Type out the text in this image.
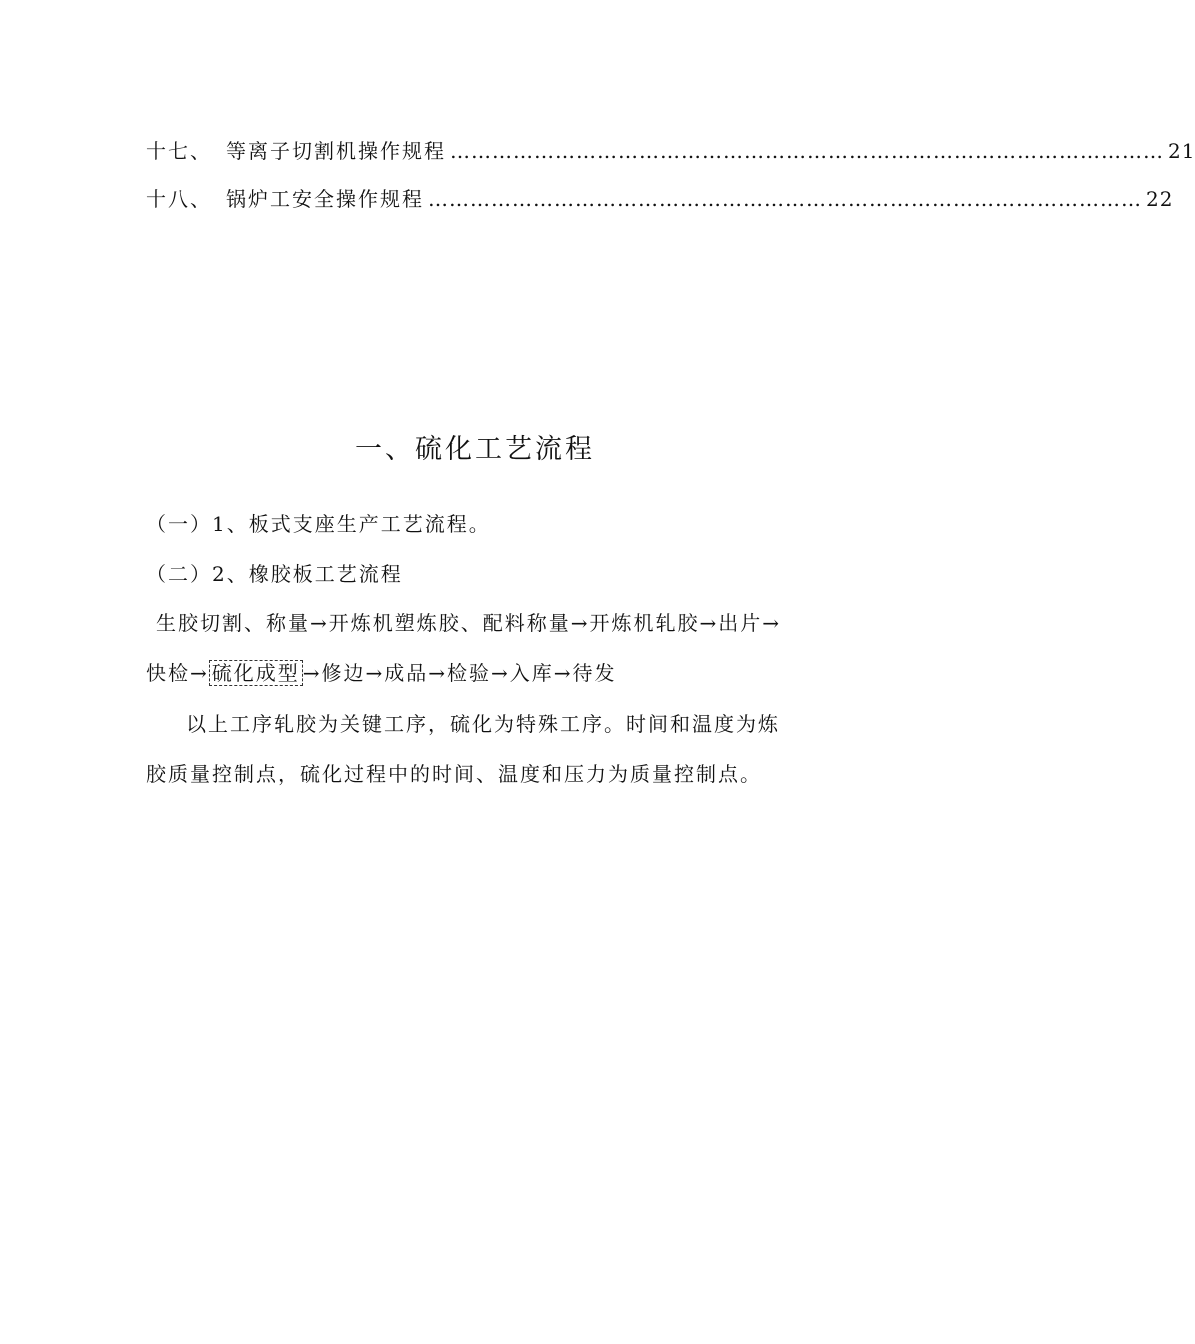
十七、 等离子切割机操作规程 ………………………………………………………………………………………… 21
十八、 锅炉工安全操作规程 ………………………………………………………………………………………… 22
一、硫化工艺流程
（一）1、板式支座生产工艺流程。
（二）2、橡胶板工艺流程
生胶切割、称量→开炼机塑炼胶、配料称量→开炼机轧胶→出片→
快检→ 硫化成型 →修边→成品→检验→入库→待发
以上工序轧胶为关键工序，硫化为特殊工序。时间和温度为炼
胶质量控制点，硫化过程中的时间、温度和压力为质量控制点。
